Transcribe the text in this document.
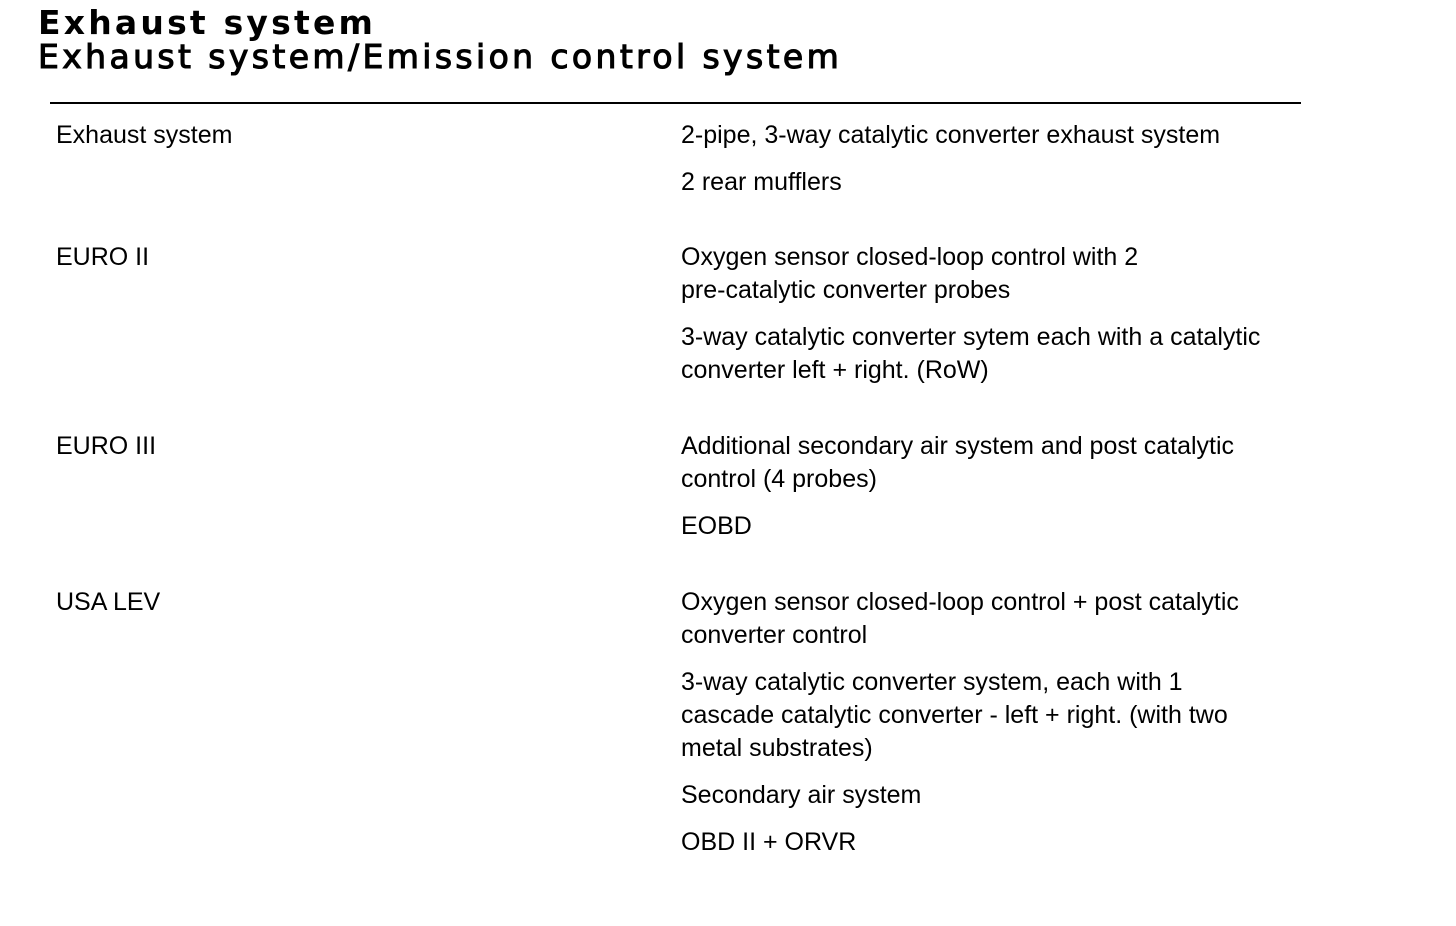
Exhaust system
Exhaust system/Emission control system
Exhaust system	2-pipe, 3-way catalytic converter exhaust system
2 rear mufflers
EURO II	Oxygen sensor closed-loop control with 2
pre-catalytic converter probes
3-way catalytic converter sytem each with a catalytic
converter left + right. (RoW)
EURO III	Additional secondary air system and post catalytic
control (4 probes)
EOBD
USA LEV	Oxygen sensor closed-loop control + post catalytic
converter control
3-way catalytic converter system, each with 1
cascade catalytic converter - left + right. (with two
metal substrates)
Secondary air system
OBD II + ORVR
